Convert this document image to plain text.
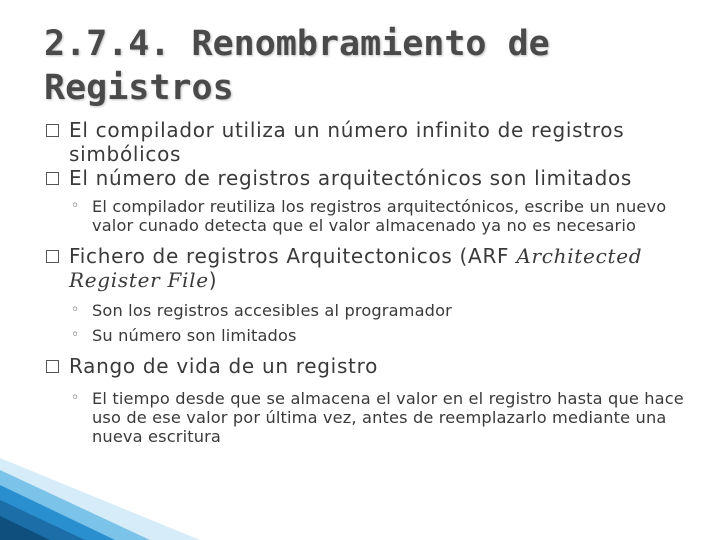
2.7.4. Renombramiento de
Registros
El compilador utiliza un número infinito de registros simbólicos
El número de registros arquitectónicos son limitados
◦ El compilador reutiliza los registros arquitectónicos, escribe un nuevo valor cunado detecta que el valor almacenado ya no es necesario
Fichero de registros Arquitectonicos (ARF Architected Register File)
◦ Son los registros accesibles al programador
◦ Su número son limitados
Rango de vida de un registro
◦ El tiempo desde que se almacena el valor en el registro hasta que hace uso de ese valor por última vez, antes de reemplazarlo mediante una nueva escritura
